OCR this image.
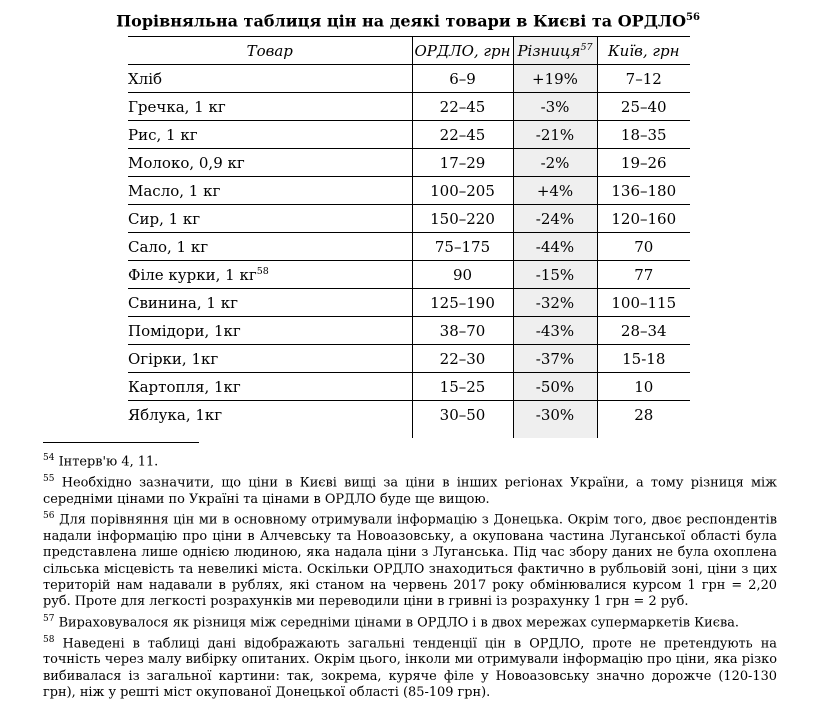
Порівняльна таблиця цін на деякі товари в Києві та ОРДЛО$^{56}$
Товар	ОРДЛО, грн	Різниця$^{57}$	Київ, грн
Хліб	6–9	+19%	7–12
Гречка, 1 кг	22–45	-3%	25–40
Рис, 1 кг	22–45	-21%	18–35
Молоко, 0,9 кг	17–29	-2%	19–26
Масло, 1 кг	100–205	+4%	136–180
Сир, 1 кг	150–220	-24%	120–160
Сало, 1 кг	75–175	-44%	70
Філе курки, 1 $кг^{58}$	90	-15%	77
Свинина, 1 кг	125–190	-32%	100–115
Помідори, 1кг	38–70	-43%	28–34
Огірки, 1кг	22–30	-37%	15-18
Картопля, 1кг	15–25	-50%	10
Яблука, 1кг	30–50	-30%	28

$^{54}$ Інтерв'ю 4, 11.

$^{55}$ Необхідно зазначити, що ціни в Києві вищі за ціни в інших регіонах України, а тому різниця між середніми цінами по Україні та цінами в ОРДЛО буде ще вищою.

$^{56}$ Для порівняння цін ми в основному отримували інформацію з Донецька. Окрім того, двоє респондентів надали інформацію про ціни в Алчевську та Новоазовську, а окупована частина Луганської області була представлена лише однією людиною, яка надала ціни з Луганська. Під час збору даних не була охоплена сільська місцевість та невеликі міста. Оскільки ОРДЛО знаходиться фактично в рубльовій зоні, ціни з цих територій нам надавали в рублях, які станом на червень 2017 року обмінювалися курсом 1 грн = 2,20 руб. Проте для легкості розрахунків ми переводили ціни в гривні із розрахунку 1 грн = 2 руб.

$^{57}$ Вираховувалося як різниця між середніми цінами в ОРДЛО і в двох мережах супермаркетів Києва.

$^{58}$ Наведені в таблиці дані відображають загальні тенденції цін в ОРДЛО, проте не претендують на точність через малу вибірку опитаних. Окрім цього, інколи ми отримували інформацію про ціни, яка різко вибивалася із загальної картини: так, зокрема, куряче філе у Новоазовську значно дорожче (120-130 грн), ніж у решті міст окупованої Донецької області (85-109 грн).
